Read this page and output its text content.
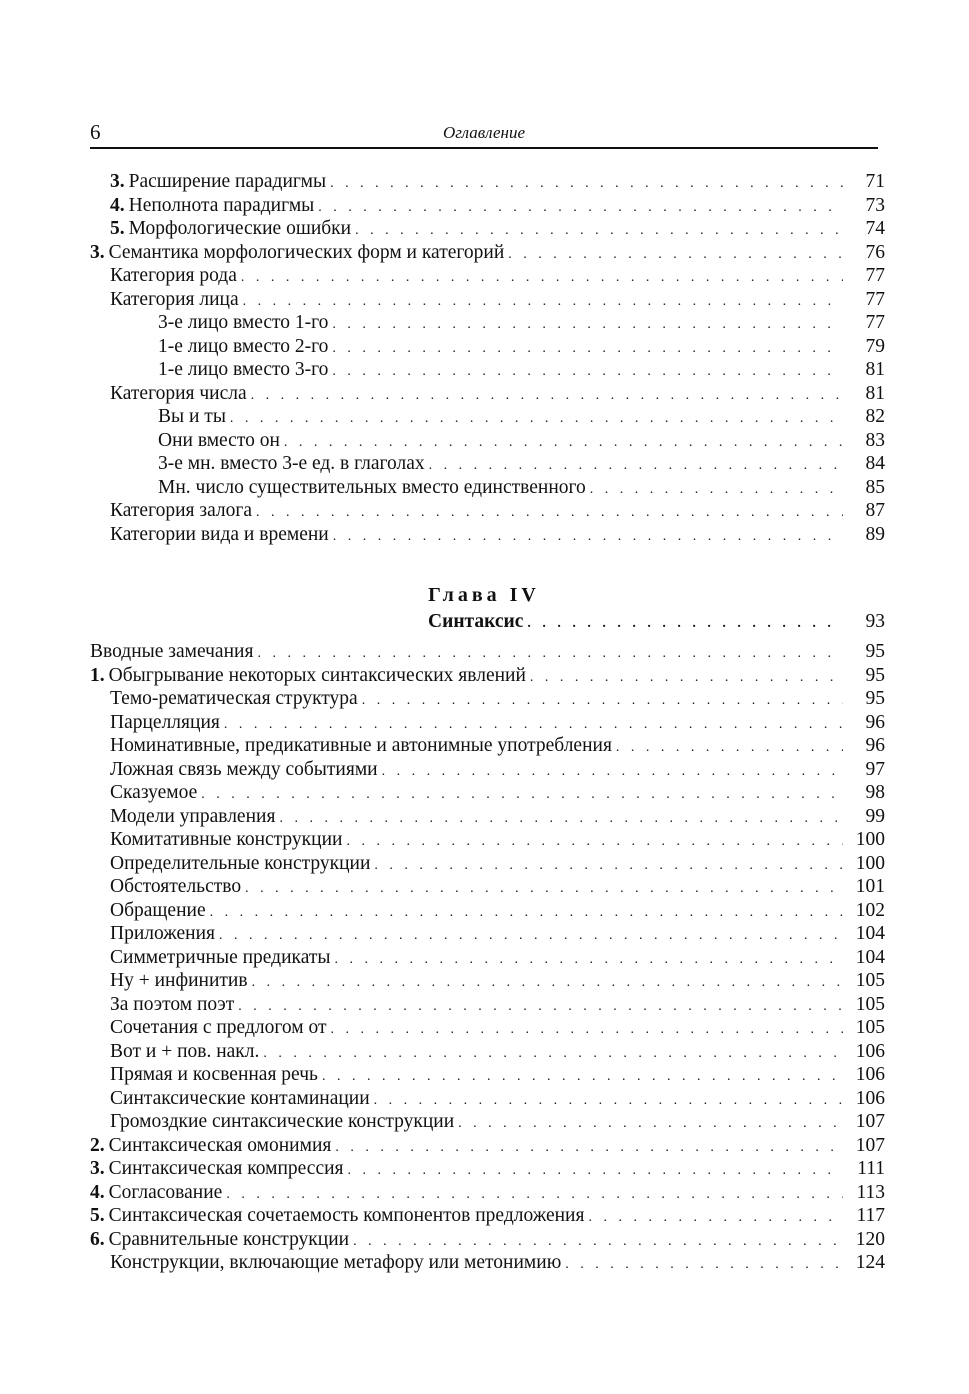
6	Оглавление
3. Расширение парадигмы . . .	71
4. Неполнота парадигмы . . .	73
5. Морфологические ошибки . . .	74
3. Семантика морфологических форм и категорий . . .	76
Категория рода . . .	77
Категория лица . . .	77
3-е лицо вместо 1-го . . .	77
1-е лицо вместо 2-го . . .	79
1-е лицо вместо 3-го . . .	81
Категория числа . . .	81
Вы и ты . . .	82
Они вместо он . . .	83
3-е мн. вместо 3-е ед. в глаголах . . .	84
Мн. число существительных вместо единственного . . .	85
Категория залога . . .	87
Категории вида и времени . . .	89
Глава IV
Синтаксис . . .	93
Вводные замечания . . .	95
1. Обыгрывание некоторых синтаксических явлений . . .	95
Темо-рематическая структура . . .	95
Парцелляция . . .	96
Номинативные, предикативные и автонимные употребления . . .	96
Ложная связь между событиями . . .	97
Сказуемое . . .	98
Модели управления . . .	99
Комитативные конструкции . . .	100
Определительные конструкции . . .	100
Обстоятельство . . .	101
Обращение . . .	102
Приложения . . .	104
Симметричные предикаты . . .	104
Ну + инфинитив . . .	105
За поэтом поэт . . .	105
Сочетания с предлогом от . . .	105
Вот и + пов. накл. . . .	106
Прямая и косвенная речь . . .	106
Синтаксические контаминации . . .	106
Громоздкие синтаксические конструкции . . .	107
2. Синтаксическая омонимия . . .	107
3. Синтаксическая компрессия . . .	111
4. Согласование . . .	113
5. Синтаксическая сочетаемость компонентов предложения . . .	117
6. Сравнительные конструкции . . .	120
Конструкции, включающие метафору или метонимию . . .	124
